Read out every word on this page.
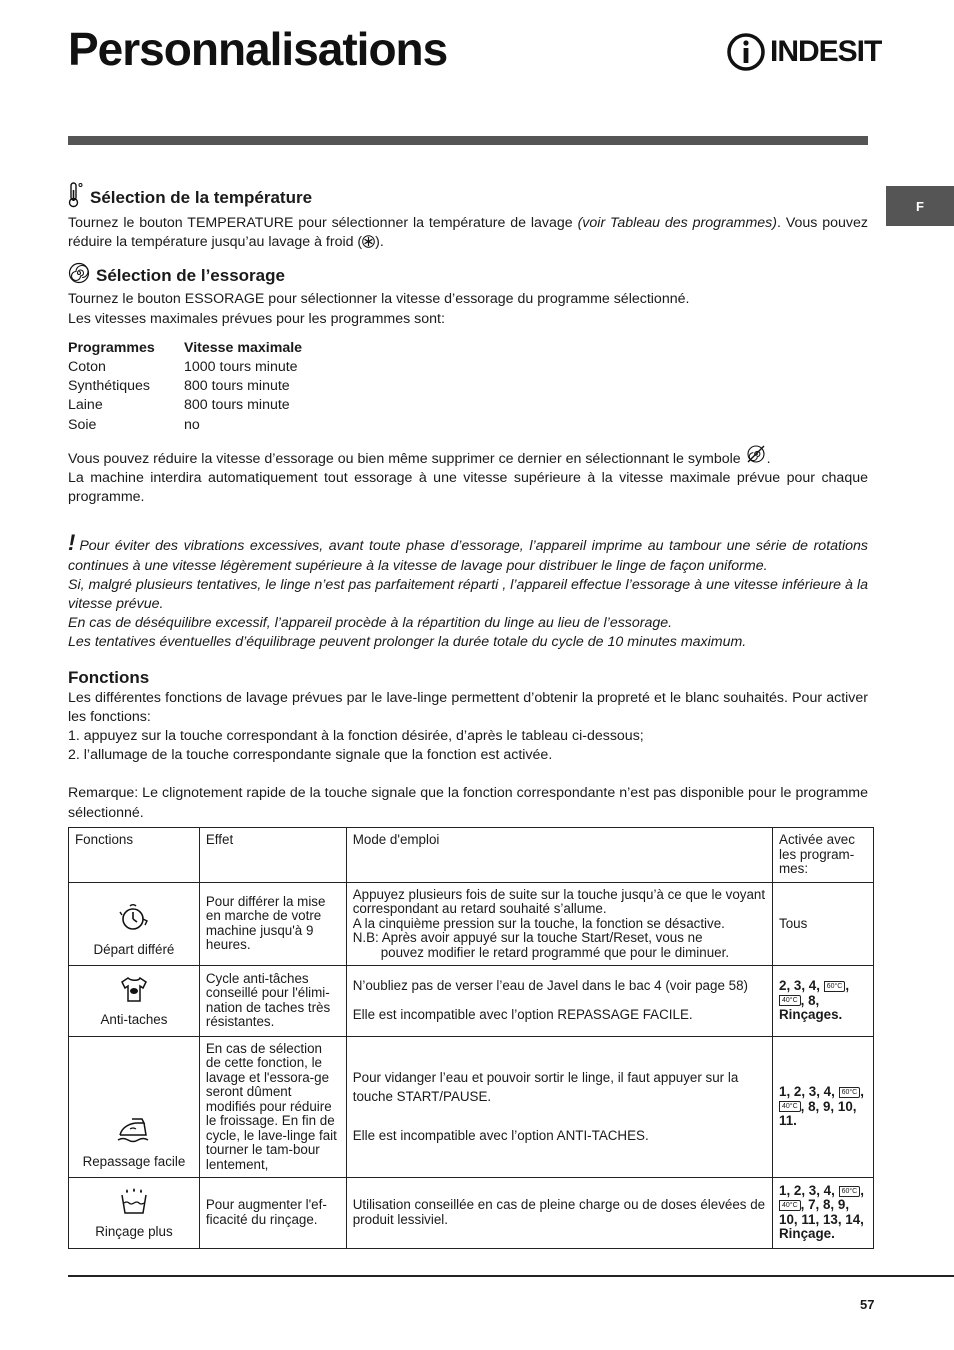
Personnalisations	INDESIT
F
Sélection de la température

Tournez le bouton TEMPERATURE pour sélectionner la température de lavage (voir Tableau des programmes). Vous pouvez réduire la température jusqu’au lavage à froid ( ).

Sélection de l’essorage

Tournez le bouton ESSORAGE pour sélectionner la vitesse d’essorage du programme sélectionné.

Les vitesses maximales prévues pour les programmes sont:

Programmes	Vitesse maximale
Coton	1000 tours minute
Synthétiques	800 tours minute
Laine	800 tours minute
Soie	no

Vous pouvez réduire la vitesse d’essorage ou bien même supprimer ce dernier en sélectionnant le symbole .

La machine interdira automatiquement tout essorage à une vitesse supérieure à la vitesse maximale prévue pour chaque programme.

! Pour éviter des vibrations excessives, avant toute phase d’essorage, l’appareil imprime au tambour une série de rotations continues à une vitesse légèrement supérieure à la vitesse de lavage pour distribuer le linge de façon uniforme.

Si, malgré plusieurs tentatives, le linge n’est pas parfaitement réparti , l’appareil effectue l’essorage à une vitesse inférieure à la vitesse prévue.

En cas de déséquilibre excessif, l’appareil procède à la répartition du linge au lieu de l’essorage.

Les tentatives éventuelles d’équilibrage peuvent prolonger la durée totale du cycle de 10 minutes maximum.

Fonctions

Les différentes fonctions de lavage prévues par le lave-linge permettent d’obtenir la propreté et le blanc souhaités. Pour activer les fonctions:

1. appuyez sur la touche correspondant à la fonction désirée, d’après le tableau ci-dessous;

2. l’allumage de la touche correspondante signale que la fonction est activée.

Remarque: Le clignotement rapide de la touche signale que la fonction correspondante n’est pas disponible pour le programme sélectionné.

Fonctions	Effet	Mode d'emploi	Activée avec les program-mes:

Départ différé	Pour différer la mise en marche de votre machine jusqu'à 9 heures.	Appuyez plusieurs fois de suite sur la touche jusqu’à ce que le voyant correspondant au retard souhaité s’allume.
A la cinquième pression sur la touche, la fonction se désactive.
N.B: Après avoir appuyé sur la touche Start/Reset, vous ne
pouvez modifier le retard programmé que pour le diminuer.	Tous

Anti-taches	Cycle anti-tâches conseillé pour l'élimi-nation de taches très résistantes.	N’oubliez pas de verser l’eau de Javel dans le bac 4 (voir page 58)
Elle est incompatible avec l’option REPASSAGE FACILE.	2, 3, 4, 60°C ,
40°C , 8,
Rinçages.

Repassage facile	En cas de sélection de cette fonction, le lavage et l'essora-ge seront dûment modifiés pour réduire le froissage. En fin de cycle, le lave-linge fait tourner le tam-bour lentement,	Pour vidanger l’eau et pouvoir sortir le linge, il faut appuyer sur la touche START/PAUSE.
Elle est incompatible avec l’option ANTI-TACHES.	1, 2, 3, 4, 60°C ,
40°C , 8, 9, 10, 11.

Rinçage plus	Pour augmenter l'ef-ficacité du rinçage.	Utilisation conseillée en cas de pleine charge ou de doses élevées de produit lessiviel.	1, 2, 3, 4, 60°C ,
40°C , 7, 8, 9, 10, 11, 13, 14,
Rinçage.
57
